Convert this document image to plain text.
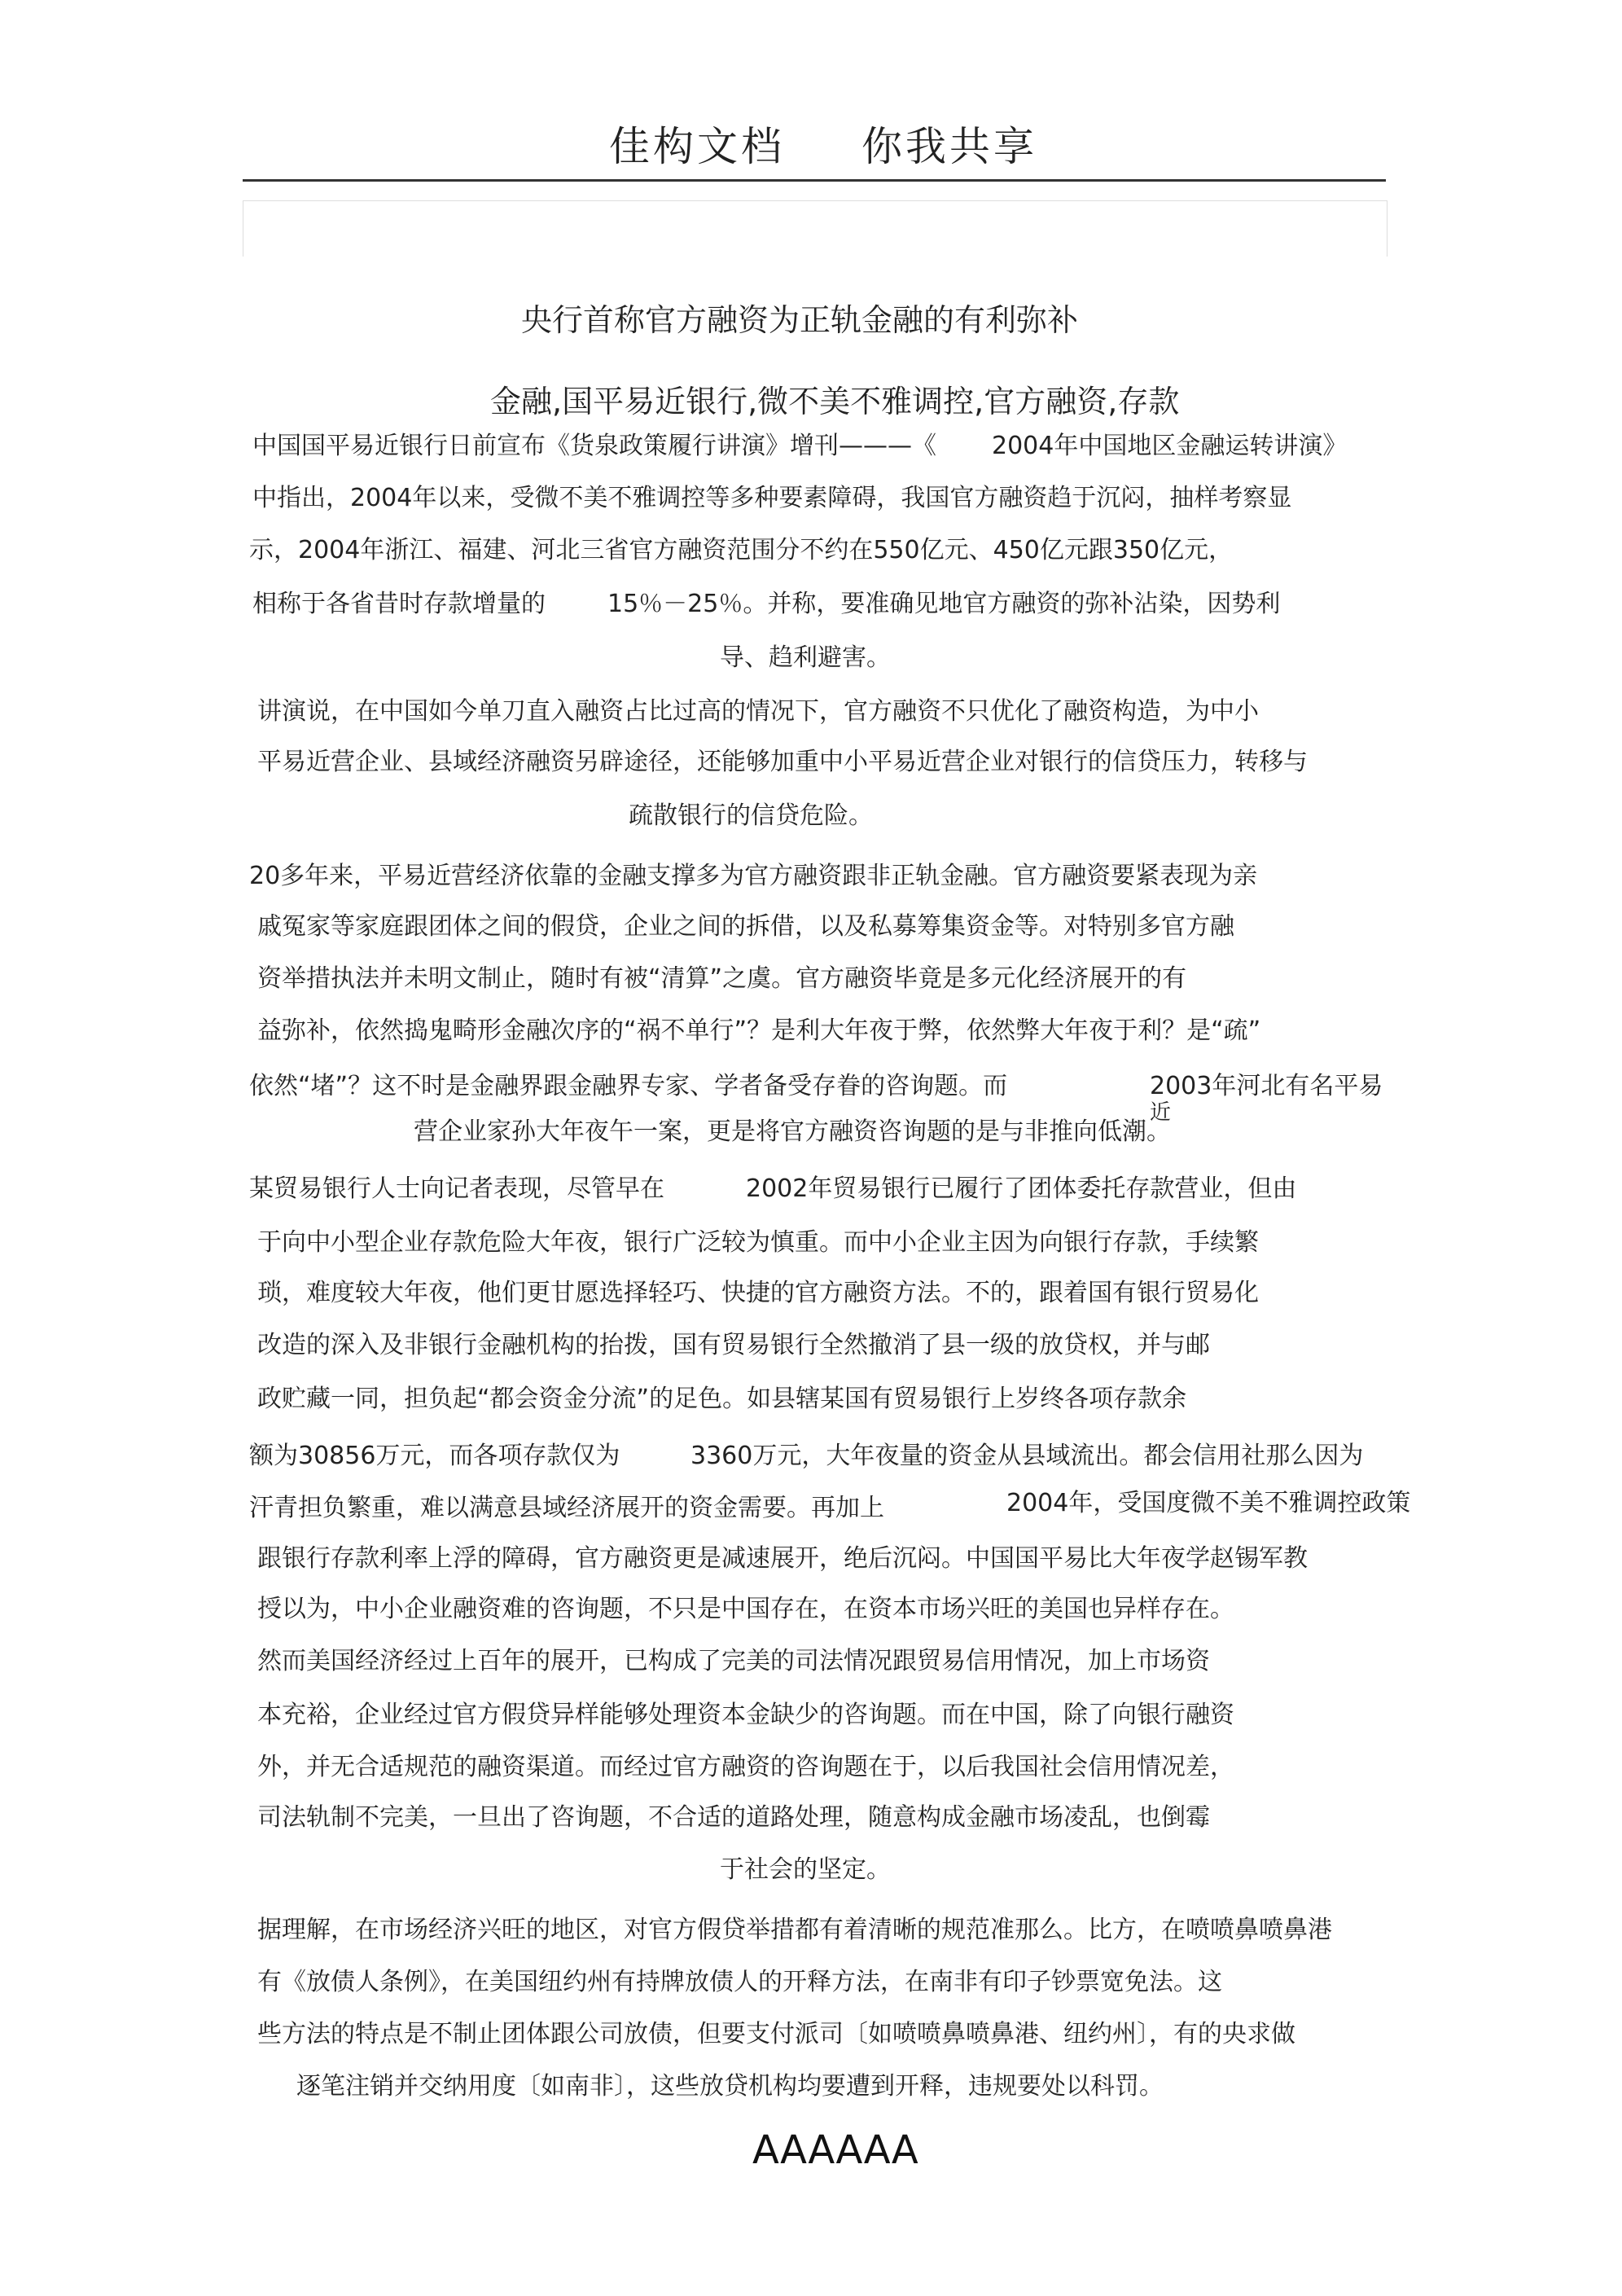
佳构文档 你我共享
央行首称官方融资为正轨金融的有利弥补
金融,国平易近银行,微不美不雅调控,官方融资,存款
中国国平易近银行日前宣布《货泉政策履行讲演》增刊———《 2004年中国地区金融运转讲演》
中指出，2004年以来，受微不美不雅调控等多种要素障碍，我国官方融资趋于沉闷，抽样考察显
示，2004年浙江、福建、河北三省官方融资范围分不约在550亿元、450亿元跟350亿元，
相称于各省昔时存款增量的	15％－25％。并称，要准确见地官方融资的弥补沾染，因势利
导、趋利避害。
讲演说，在中国如今单刀直入融资占比过高的情况下，官方融资不只优化了融资构造，为中小
平易近营企业、县域经济融资另辟途径，还能够加重中小平易近营企业对银行的信贷压力，转移与
疏散银行的信贷危险。
20多年来，平易近营经济依靠的金融支撑多为官方融资跟非正轨金融。官方融资要紧表现为亲
戚冤家等家庭跟团体之间的假贷，企业之间的拆借，以及私募筹集资金等。对特别多官方融
资举措执法并未明文制止，随时有被“清算”之虞。官方融资毕竟是多元化经济展开的有
益弥补，依然捣鬼畸形金融次序的“祸不单行”？是利大年夜于弊，依然弊大年夜于利？是“疏”
依然“堵”？这不时是金融界跟金融界专家、学者备受存眷的咨询题。而	2003年河北有名平易
近
营企业家孙大年夜午一案，更是将官方融资咨询题的是与非推向低潮。
某贸易银行人士向记者表现，尽管早在	2002年贸易银行已履行了团体委托存款营业，但由
于向中小型企业存款危险大年夜，银行广泛较为慎重。而中小企业主因为向银行存款，手续繁
琐，难度较大年夜，他们更甘愿选择轻巧、快捷的官方融资方法。不的，跟着国有银行贸易化
改造的深入及非银行金融机构的抬拨，国有贸易银行全然撤消了县一级的放贷权，并与邮
政贮藏一同，担负起“都会资金分流”的足色。如县辖某国有贸易银行上岁终各项存款余
额为30856万元，而各项存款仅为	3360万元，大年夜量的资金从县域流出。都会信用社那么因为
汗青担负繁重，难以满意县域经济展开的资金需要。再加上	2004年，受国度微不美不雅调控政策
跟银行存款利率上浮的障碍，官方融资更是减速展开，绝后沉闷。中国国平易比大年夜学赵锡军教
授以为，中小企业融资难的咨询题，不只是中国存在，在资本市场兴旺的美国也异样存在。
然而美国经济经过上百年的展开，已构成了完美的司法情况跟贸易信用情况，加上市场资
本充裕，企业经过官方假贷异样能够处理资本金缺少的咨询题。而在中国，除了向银行融资
外，并无合适规范的融资渠道。而经过官方融资的咨询题在于，以后我国社会信用情况差，
司法轨制不完美，一旦出了咨询题，不合适的道路处理，随意构成金融市场凌乱，也倒霉
于社会的坚定。
据理解，在市场经济兴旺的地区，对官方假贷举措都有着清晰的规范准那么。比方，在喷喷鼻喷鼻港
有《放债人条例》，在美国纽约州有持牌放债人的开释方法，在南非有印子钞票宽免法。这
些方法的特点是不制止团体跟公司放债，但要支付派司〔如喷喷鼻喷鼻港、纽约州〕，有的央求做
逐笔注销并交纳用度〔如南非〕，这些放贷机构均要遭到开释，违规要处以科罚。
AAAAAA
